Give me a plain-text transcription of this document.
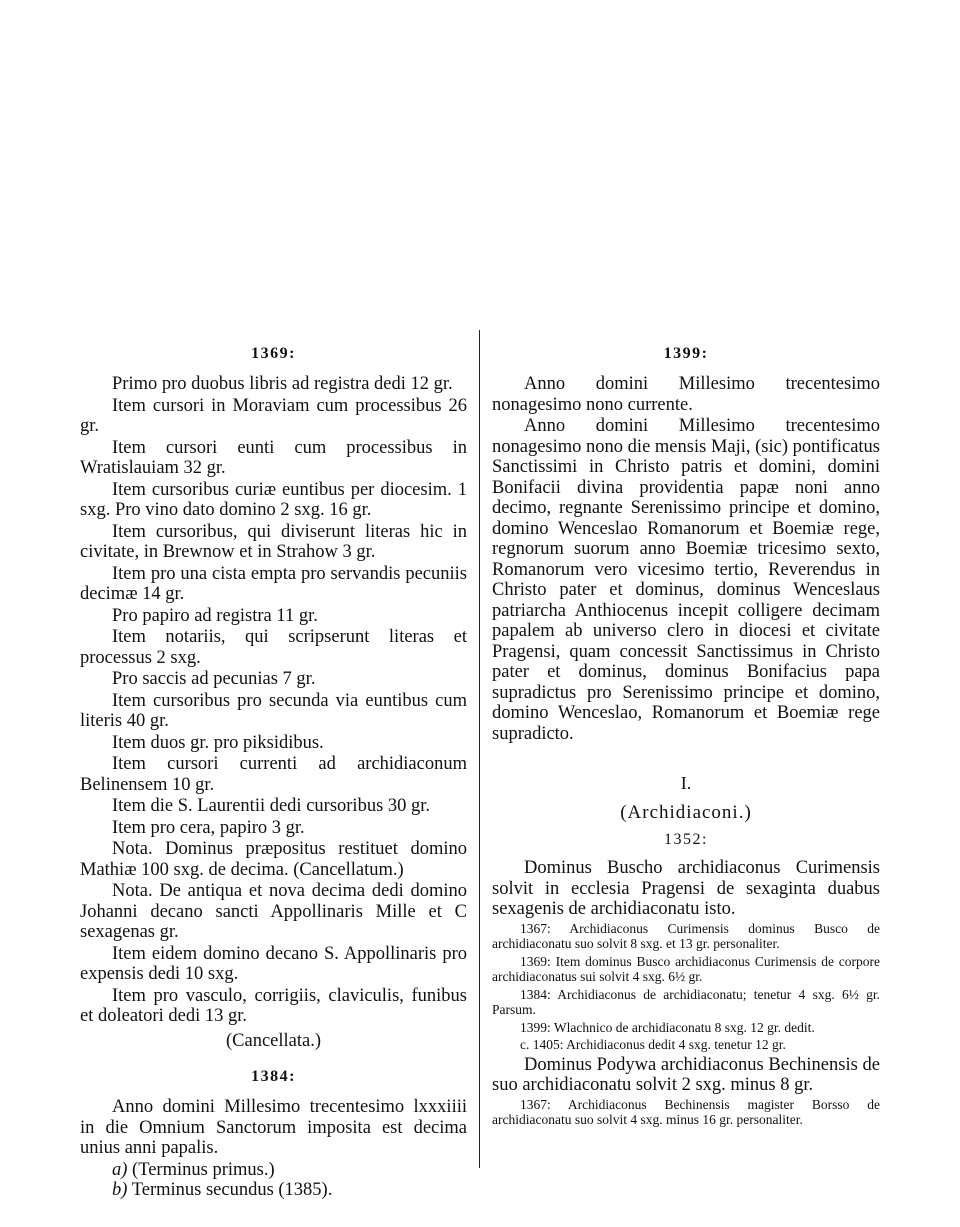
1369:

Primo pro duobus libris ad registra dedi 12 gr.

Item cursori in Moraviam cum processibus 26 gr.

Item cursori eunti cum processibus in Wratislauiam 32 gr.

Item cursoribus curiæ euntibus per diocesim. 1 sxg. Pro vino dato domino 2 sxg. 16 gr.

Item cursoribus, qui diviserunt literas hic in civitate, in Brewnow et in Strahow 3 gr.

Item pro una cista empta pro servandis pecuniis decimæ 14 gr.

Pro papiro ad registra 11 gr.

Item notariis, qui scripserunt literas et processus 2 sxg.

Pro saccis ad pecunias 7 gr.

Item cursoribus pro secunda via euntibus cum literis 40 gr.

Item duos gr. pro piksidibus.

Item cursori currenti ad archidiaconum Belinensem 10 gr.

Item die S. Laurentii dedi cursoribus 30 gr.

Item pro cera, papiro 3 gr.

Nota. Dominus præpositus restituet domino Mathiæ 100 sxg. de decima. (Cancellatum.)

Nota. De antiqua et nova decima dedi domino Johanni decano sancti Appollinaris Mille et C sexagenas gr.

Item eidem domino decano S. Appollinaris pro expensis dedi 10 sxg.

Item pro vasculo, corrigiis, claviculis, funibus et doleatori dedi 13 gr.

(Cancellata.)
1384:

Anno domini Millesimo trecentesimo lxxxiiii in die Omnium Sanctorum imposita est decima unius anni papalis.

a) (Terminus primus.)
b) Terminus secundus (1385).
1399:

Anno domini Millesimo trecentesimo nonagesimo nono currente.

Anno domini Millesimo trecentesimo nonagesimo nono die mensis Maji, (sic) pontificatus Sanctissimi in Christo patris et domini, domini Bonifacii divina providentia papæ noni anno decimo, regnante Serenissimo principe et domino, domino Wenceslao Romanorum et Boemiæ rege, regnorum suorum anno Boemiæ tricesimo sexto, Romanorum vero vicesimo tertio, Reverendus in Christo pater et dominus, dominus Wenceslaus patriarcha Anthiocenus incepit colligere decimam papalem ab universo clero in diocesi et civitate Pragensi, quam concessit Sanctissimus in Christo pater et dominus, dominus Bonifacius papa supradictus pro Serenissimo principe et domino, domino Wenceslao, Romanorum et Boemiæ rege supradicto.

I.
(Archidiaconi.)
1352:

Dominus Buscho archidiaconus Curimensis solvit in ecclesia Pragensi de sexaginta duabus sexagenis de archidiaconatu isto.

1367: Archidiaconus Curimensis dominus Busco de archidiaconatu suo solvit 8 sxg. et 13 gr. personaliter.

1369: Item dominus Busco archidiaconus Curimensis de corpore archidiaconatus sui solvit 4 sxg. 6½ gr.

1384: Archidiaconus de archidiaconatu; tenetur 4 sxg. 6½ gr. Parsum.

1399: Wlachnico de archidiaconatu 8 sxg. 12 gr. dedit.

c. 1405: Archidiaconus dedit 4 sxg. tenetur 12 gr.

Dominus Podywa archidiaconus Bechinensis de suo archidiaconatu solvit 2 sxg. minus 8 gr.

1367: Archidiaconus Bechinensis magister Borsso de archidiaconatu suo solvit 4 sxg. minus 16 gr. personaliter.
